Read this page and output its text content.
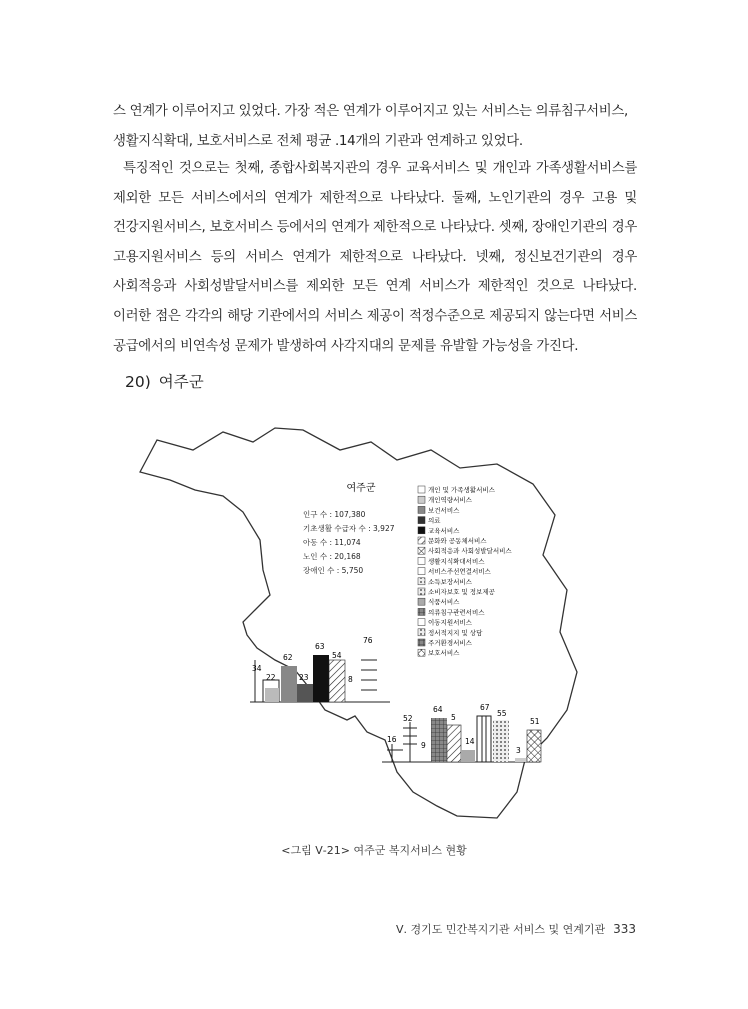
스 연계가 이루어지고 있었다. 가장 적은 연계가 이루어지고 있는 서비스는 의류침구서비스,
생활지식확대, 보호서비스로 전체 평균 .14개의 기관과 연계하고 있었다.

특징적인 것으로는 첫째, 종합사회복지관의 경우 교육서비스 및 개인과 가족생활서비스를 제외한 모든 서비스에서의 연계가 제한적으로 나타났다. 둘째, 노인기관의 경우 고용 및 건강지원서비스, 보호서비스 등에서의 연계가 제한적으로 나타났다. 셋째, 장애인기관의 경우 고용지원서비스 등의 서비스 연계가 제한적으로 나타났다. 넷째, 정신보건기관의 경우 사회적응과 사회성발달서비스를 제외한 모든 연계 서비스가 제한적인 것으로 나타났다. 이러한 점은 각각의 해당 기관에서의 서비스 제공이 적정수준으로 제공되지 않는다면 서비스 공급에서의 비연속성 문제가 발생하여 사각지대의 문제를 유발할 가능성을 가진다.

20) 여주군
여주군
인구 수 : 107,380
기초생활 수급자 수 : 3,927
아동 수 : 11,074
노인 수 : 20,168
장애인 수 : 5,750
개인 및 가족생활서비스
개인역량서비스
보건서비스
의료
교육서비스
문화와 공동체서비스
사회적응과 사회성발달서비스
생활지식확대서비스
서비스주선연결서비스
소득보장서비스
소비자보호 및 정보제공
식품서비스
의류침구관련서비스
이동지원서비스
정서적지지 및 상담
주거환경서비스
보호서비스
34
22
62
23
63
54
8
76
16
52
9
64
5
14
67
55
3
51
<그림 Ⅴ-21> 여주군 복지서비스 현황
Ⅴ. 경기도 민간복지기관 서비스 및 연계기관 333
